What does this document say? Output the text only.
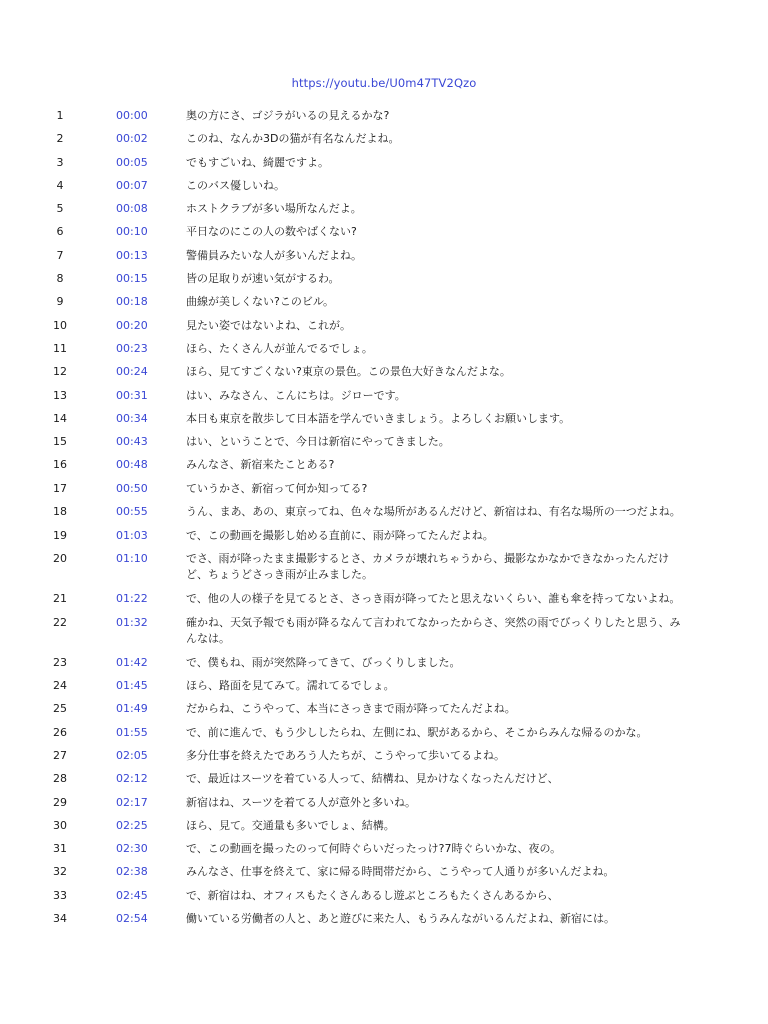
https://youtu.be/U0m47TV2Qzo
1	00:00	奥の方にさ、ゴジラがいるの見えるかな?
2	00:02	このね、なんか3Dの猫が有名なんだよね。
3	00:05	でもすごいね、綺麗ですよ。
4	00:07	このバス優しいね。
5	00:08	ホストクラブが多い場所なんだよ。
6	00:10	平日なのにこの人の数やばくない?
7	00:13	警備員みたいな人が多いんだよね。
8	00:15	皆の足取りが速い気がするわ。
9	00:18	曲線が美しくない?このビル。
10	00:20	見たい姿ではないよね、これが。
11	00:23	ほら、たくさん人が並んでるでしょ。
12	00:24	ほら、見てすごくない?東京の景色。この景色大好きなんだよな。
13	00:31	はい、みなさん、こんにちは。ジローです。
14	00:34	本日も東京を散歩して日本語を学んでいきましょう。よろしくお願いします。
15	00:43	はい、ということで、今日は新宿にやってきました。
16	00:48	みんなさ、新宿来たことある?
17	00:50	ていうかさ、新宿って何か知ってる?
18	00:55	うん、まあ、あの、東京ってね、色々な場所があるんだけど、新宿はね、有名な場所の一つだよね。
19	01:03	で、この動画を撮影し始める直前に、雨が降ってたんだよね。
20	01:10	でさ、雨が降ったまま撮影するとさ、カメラが壊れちゃうから、撮影なかなかできなかったんだけど、ちょうどさっき雨が止みました。
21	01:22	で、他の人の様子を見てるとさ、さっき雨が降ってたと思えないくらい、誰も傘を持ってないよね。
22	01:32	確かね、天気予報でも雨が降るなんて言われてなかったからさ、突然の雨でびっくりしたと思う、みんなは。
23	01:42	で、僕もね、雨が突然降ってきて、びっくりしました。
24	01:45	ほら、路面を見てみて。濡れてるでしょ。
25	01:49	だからね、こうやって、本当にさっきまで雨が降ってたんだよね。
26	01:55	で、前に進んで、もう少ししたらね、左側にね、駅があるから、そこからみんな帰るのかな。
27	02:05	多分仕事を終えたであろう人たちが、こうやって歩いてるよね。
28	02:12	で、最近はスーツを着ている人って、結構ね、見かけなくなったんだけど、
29	02:17	新宿はね、スーツを着てる人が意外と多いね。
30	02:25	ほら、見て。交通量も多いでしょ、結構。
31	02:30	で、この動画を撮ったのって何時ぐらいだったっけ?7時ぐらいかな、夜の。
32	02:38	みんなさ、仕事を終えて、家に帰る時間帯だから、こうやって人通りが多いんだよね。
33	02:45	で、新宿はね、オフィスもたくさんあるし遊ぶところもたくさんあるから、
34	02:54	働いている労働者の人と、あと遊びに来た人、もうみんながいるんだよね、新宿には。
